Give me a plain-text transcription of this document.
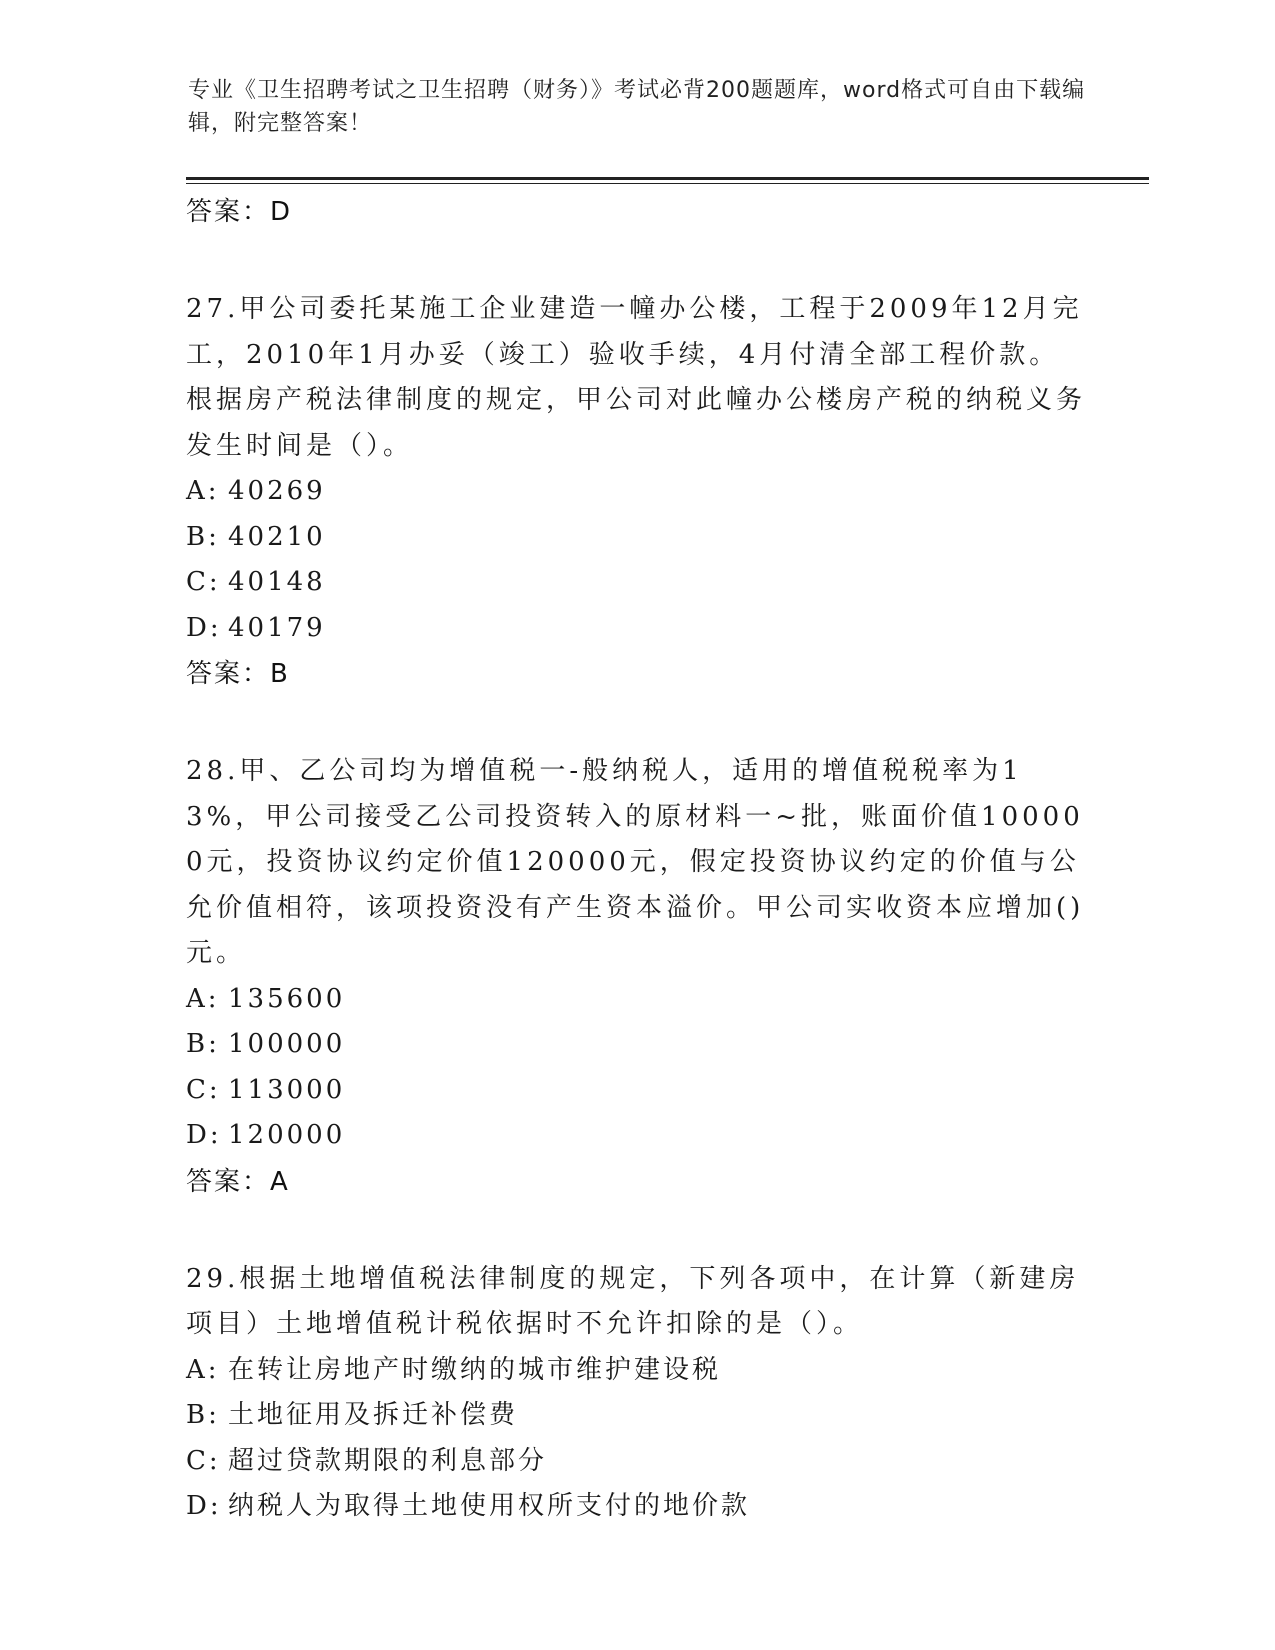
专业《卫生招聘考试之卫生招聘（财务）》考试必背200题题库，word格式可自由下载编辑，附完整答案！
答案：D
27.甲公司委托某施工企业建造一幢办公楼，工程于2009年12月完工，2010年1月办妥（竣工）验收手续，4月付清全部工程价款。根据房产税法律制度的规定，甲公司对此幢办公楼房产税的纳税义务发生时间是（）。
A: 40269
B: 40210
C: 40148
D: 40179
答案：B
28.甲、乙公司均为增值税一-般纳税人，适用的增值税税率为13%，甲公司接受乙公司投资转入的原材料一~批，账面价值100000元，投资协议约定价值120000元，假定投资协议约定的价值与公允价值相符，该项投资没有产生资本溢价。甲公司实收资本应增加()元。
A: 135600
B: 100000
C: 113000
D: 120000
答案：A
29.根据土地增值税法律制度的规定，下列各项中，在计算（新建房项目）土地增值税计税依据时不允许扣除的是（）。
A: 在转让房地产时缴纳的城市维护建设税
B: 土地征用及拆迁补偿费
C: 超过贷款期限的利息部分
D: 纳税人为取得土地使用权所支付的地价款
